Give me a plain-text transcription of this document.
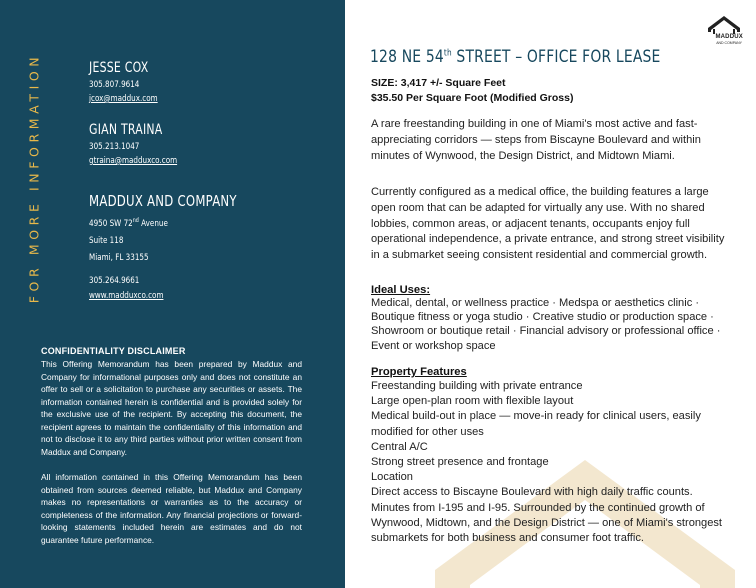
FOR MORE INFORMATION	JESSE COX
305.807.9614
jcox@maddux.com
GIAN TRAINA
305.213.1047
gtraina@madduxco.com
MADDUX AND COMPANY
4950 SW 72nd Avenue
Suite 118
Miami, FL 33155
305.264.9661
www.madduxco.com
CONFIDENTIALITY DISCLAIMER

This Offering Memorandum has been prepared by Maddux and Company for informational purposes only and does not constitute an offer to sell or a solicitation to purchase any securities or assets. The information contained herein is confidential and is provided solely for the exclusive use of the recipient. By accepting this document, the recipient agrees to maintain the confidentiality of this information and not to disclose it to any third parties without prior written consent from Maddux and Company.

All information contained in this Offering Memorandum has been obtained from sources deemed reliable, but Maddux and Company makes no representations or warranties as to the accuracy or completeness of the information. Any financial projections or forward-looking statements included herein are estimates and do not guarantee future performance.

MADDUX
AND COMPANY
128 NE 54th STREET – OFFICE FOR LEASE
SIZE: 3,417 +/- Square Feet
$35.50 Per Square Foot (Modified Gross)

A rare freestanding building in one of Miami's most active and fast-appreciating corridors — steps from Biscayne Boulevard and within minutes of Wynwood, the Design District, and Midtown Miami.

Currently configured as a medical office, the building features a large open room that can be adapted for virtually any use. With no shared lobbies, common areas, or adjacent tenants, occupants enjoy full operational independence, a private entrance, and strong street visibility in a submarket seeing consistent residential and commercial growth.

Ideal Uses:

Medical, dental, or wellness practice · Medspa or aesthetics clinic · Boutique fitness or yoga studio · Creative studio or production space · Showroom or boutique retail · Financial advisory or professional office · Event or workshop space

Property Features
Freestanding building with private entrance
Large open-plan room with flexible layout
Medical build-out in place — move-in ready for clinical users, easily modified for other uses
Central A/C
Strong street presence and frontage
Location
Direct access to Biscayne Boulevard with high daily traffic counts. Minutes from I-195 and I-95. Surrounded by the continued growth of Wynwood, Midtown, and the Design District — one of Miami's strongest submarkets for both business and consumer foot traffic.
